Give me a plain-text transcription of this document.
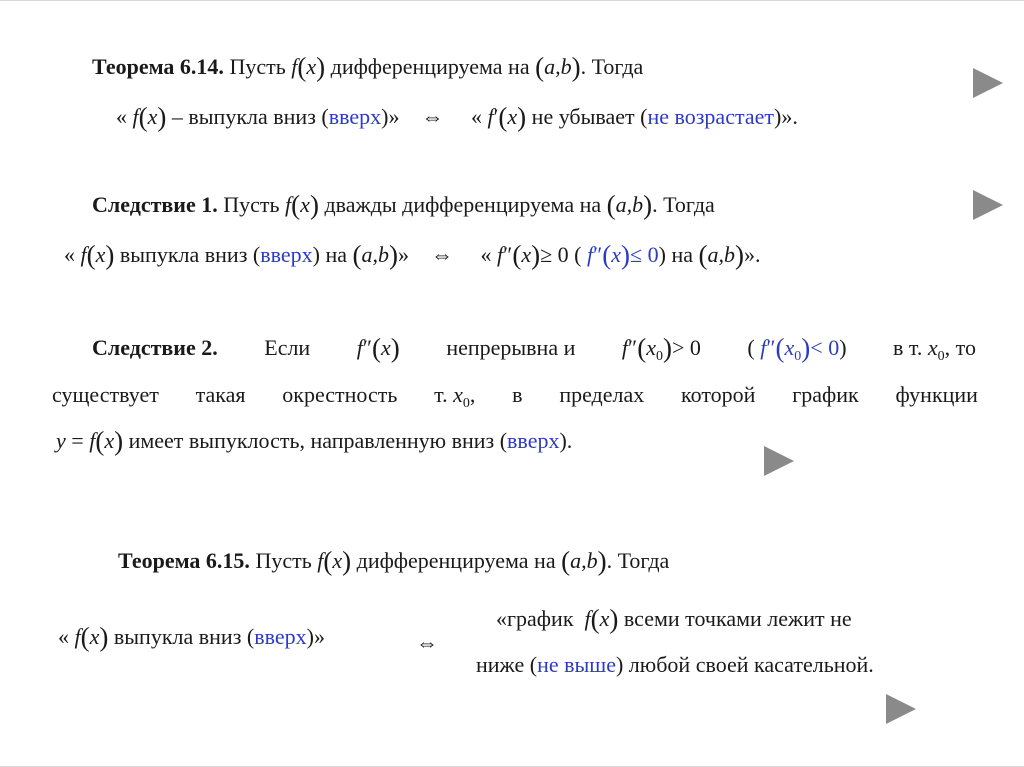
Теорема 6.14. Пусть f(x) дифференцируема на (a,b). Тогда
« f(x) – выпукла вниз (вверх)» ⇔ « f′(x) не убывает (не возрастает)».
Следствие 1. Пусть f(x) дважды дифференцируема на (a,b). Тогда
« f(x) выпукла вниз (вверх) на (a,b)» ⇔ « f″(x)≥ 0 ( f″(x)≤ 0) на (a,b)».
Следствие 2. Если f″(x) непрерывна и $f''(x_0)> 0$ ( $f''(x_0)< 0$) в т. $x_0$, то
существует такая окрестность т. $x_0$, в пределах которой график функции
y = f(x) имеет выпуклость, направленную вниз (вверх).
Теорема 6.15. Пусть f(x) дифференцируема на (a,b). Тогда
« f(x) выпукла вниз (вверх)»	⇔
«график f(x) всеми точками лежит не
ниже (не выше) любой своей касательной.
